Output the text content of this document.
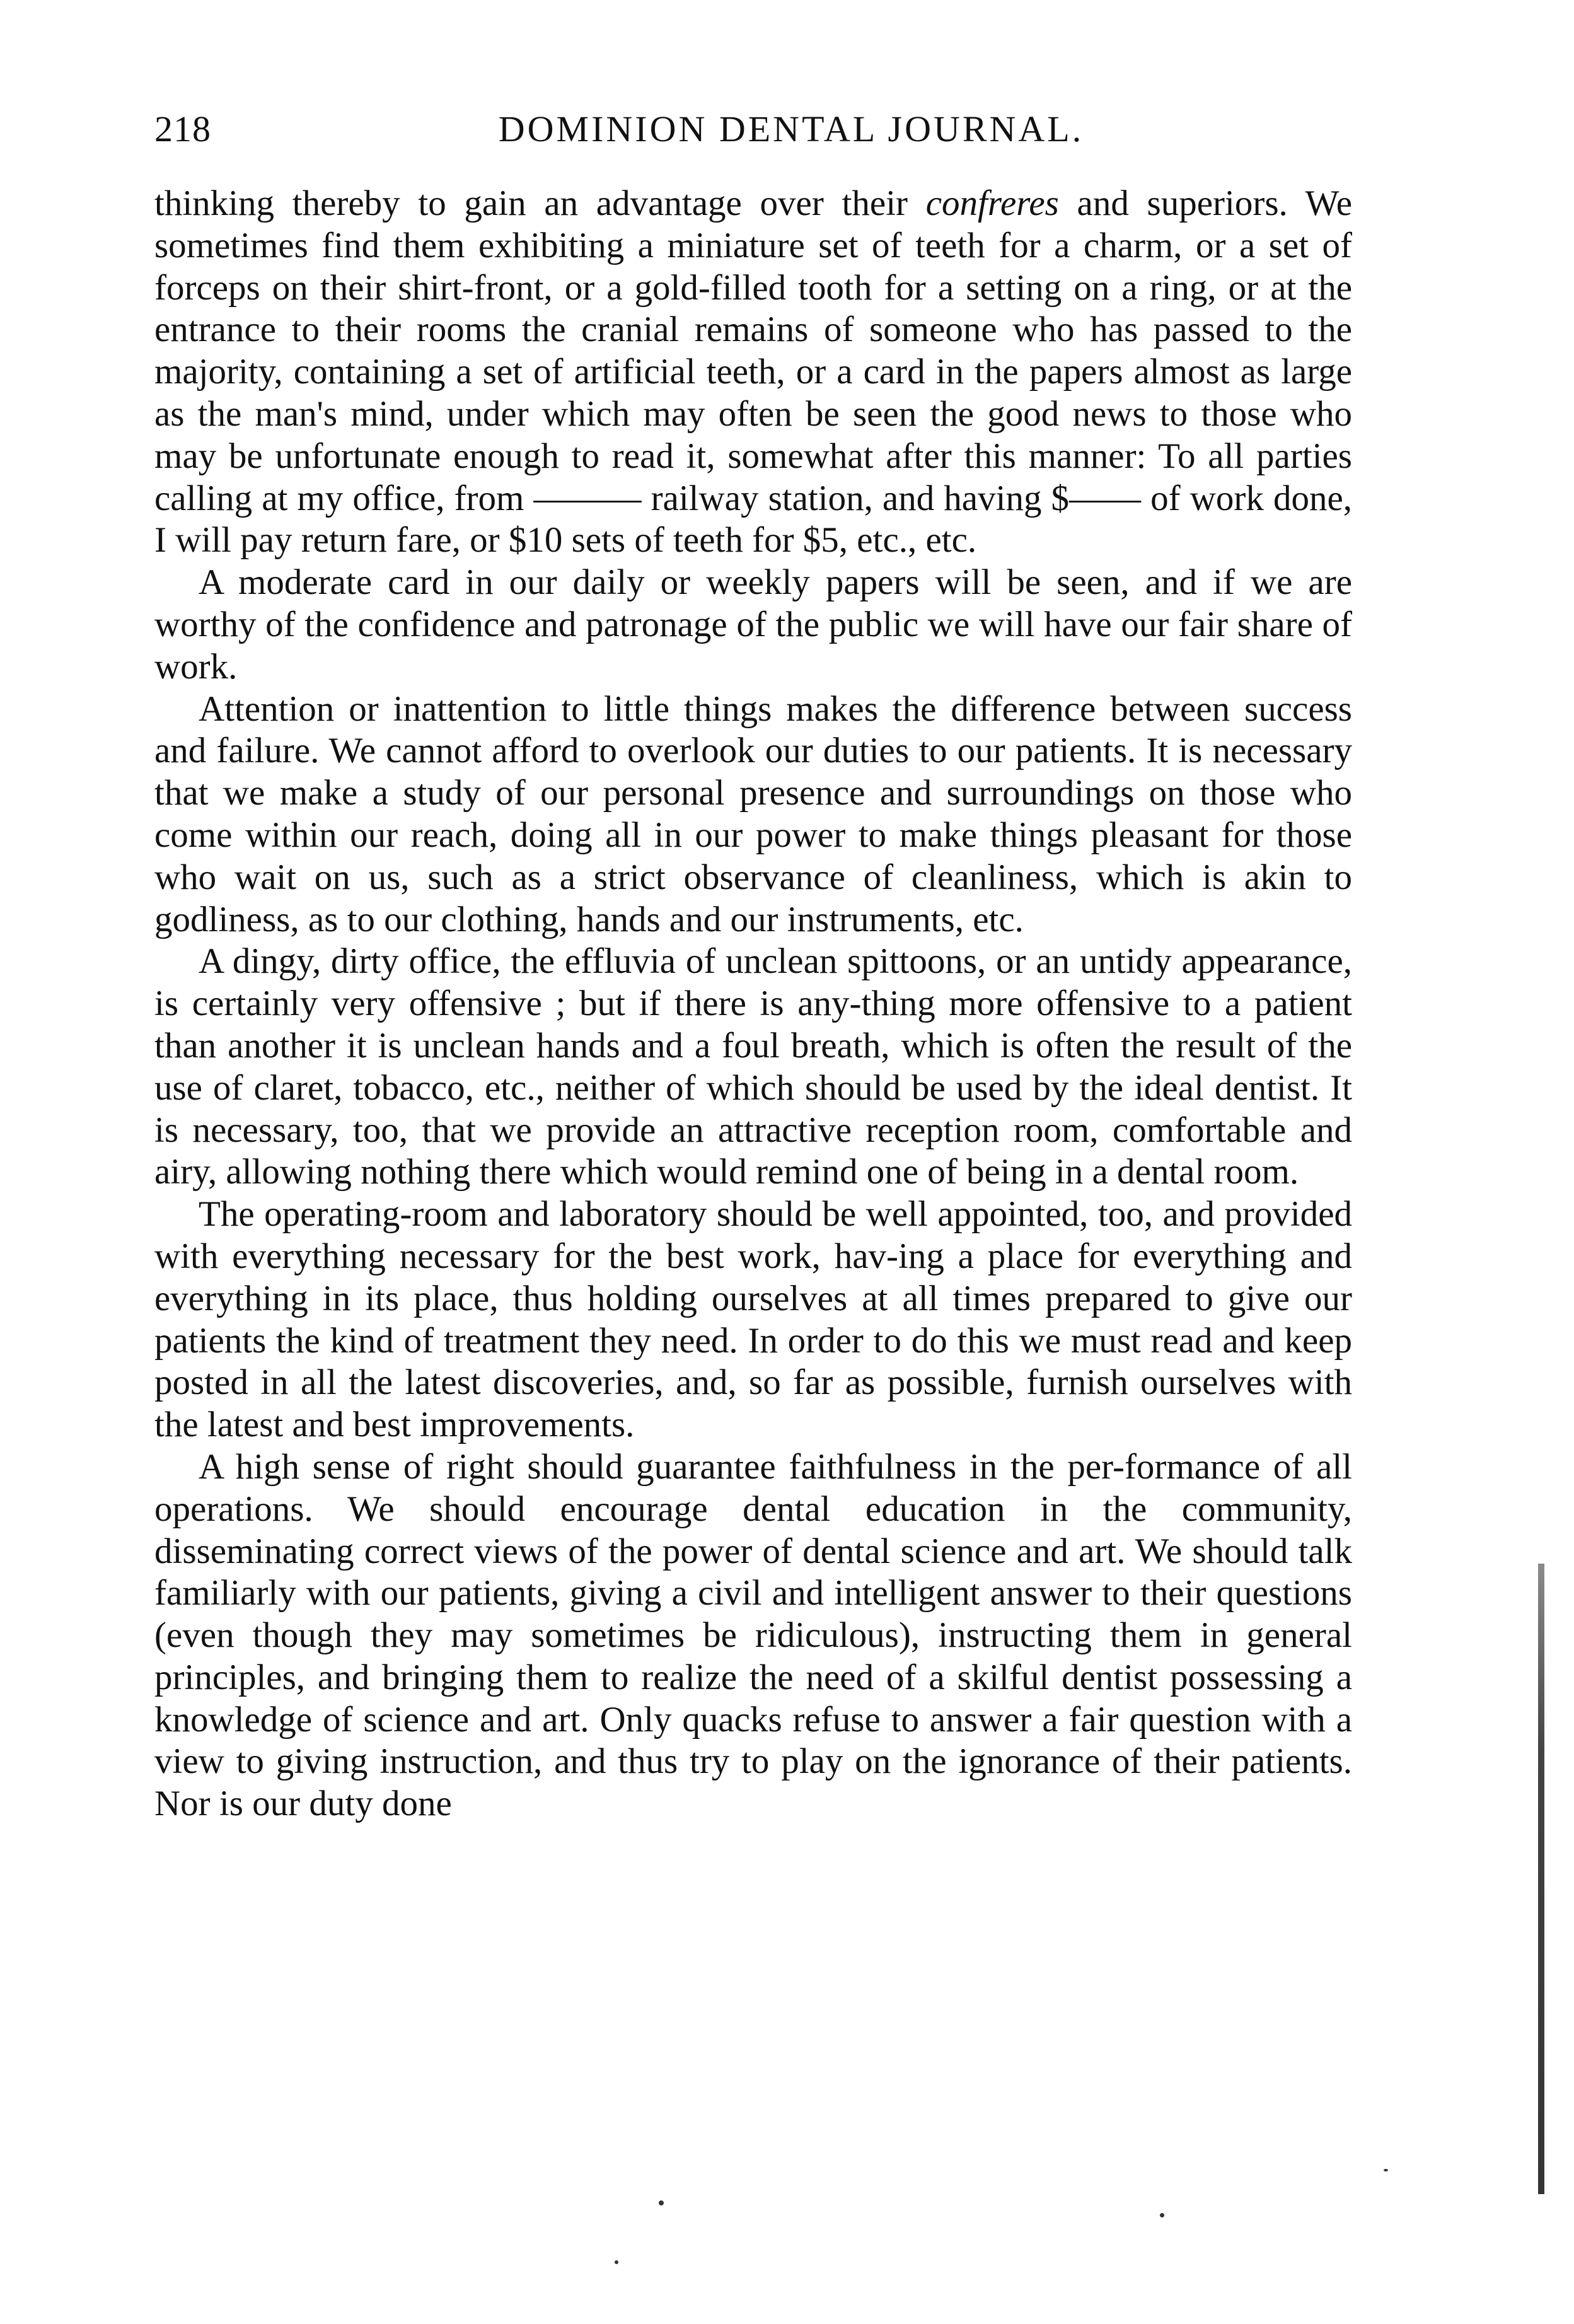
218	DOMINION DENTAL JOURNAL.

thinking thereby to gain an advantage over their confreres and superiors. We sometimes find them exhibiting a miniature set of teeth for a charm, or a set of forceps on their shirt-front, or a gold-filled tooth for a setting on a ring, or at the entrance to their rooms the cranial remains of someone who has passed to the majority, containing a set of artificial teeth, or a card in the papers almost as large as the man's mind, under which may often be seen the good news to those who may be unfortunate enough to read it, somewhat after this manner: To all parties calling at my office, from ——— railway station, and having $—— of work done, I will pay return fare, or $10 sets of teeth for $5, etc., etc.

A moderate card in our daily or weekly papers will be seen, and if we are worthy of the confidence and patronage of the public we will have our fair share of work.

Attention or inattention to little things makes the difference between success and failure. We cannot afford to overlook our duties to our patients. It is necessary that we make a study of our personal presence and surroundings on those who come within our reach, doing all in our power to make things pleasant for those who wait on us, such as a strict observance of cleanliness, which is akin to godliness, as to our clothing, hands and our instruments, etc.

A dingy, dirty office, the effluvia of unclean spittoons, or an untidy appearance, is certainly very offensive ; but if there is any-thing more offensive to a patient than another it is unclean hands and a foul breath, which is often the result of the use of claret, tobacco, etc., neither of which should be used by the ideal dentist. It is necessary, too, that we provide an attractive reception room, comfortable and airy, allowing nothing there which would remind one of being in a dental room.

The operating-room and laboratory should be well appointed, too, and provided with everything necessary for the best work, hav-ing a place for everything and everything in its place, thus holding ourselves at all times prepared to give our patients the kind of treatment they need. In order to do this we must read and keep posted in all the latest discoveries, and, so far as possible, furnish ourselves with the latest and best improvements.

A high sense of right should guarantee faithfulness in the per-formance of all operations. We should encourage dental education in the community, disseminating correct views of the power of dental science and art. We should talk familiarly with our patients, giving a civil and intelligent answer to their questions (even though they may sometimes be ridiculous), instructing them in general principles, and bringing them to realize the need of a skilful dentist possessing a knowledge of science and art. Only quacks refuse to answer a fair question with a view to giving instruction, and thus try to play on the ignorance of their patients. Nor is our duty done
